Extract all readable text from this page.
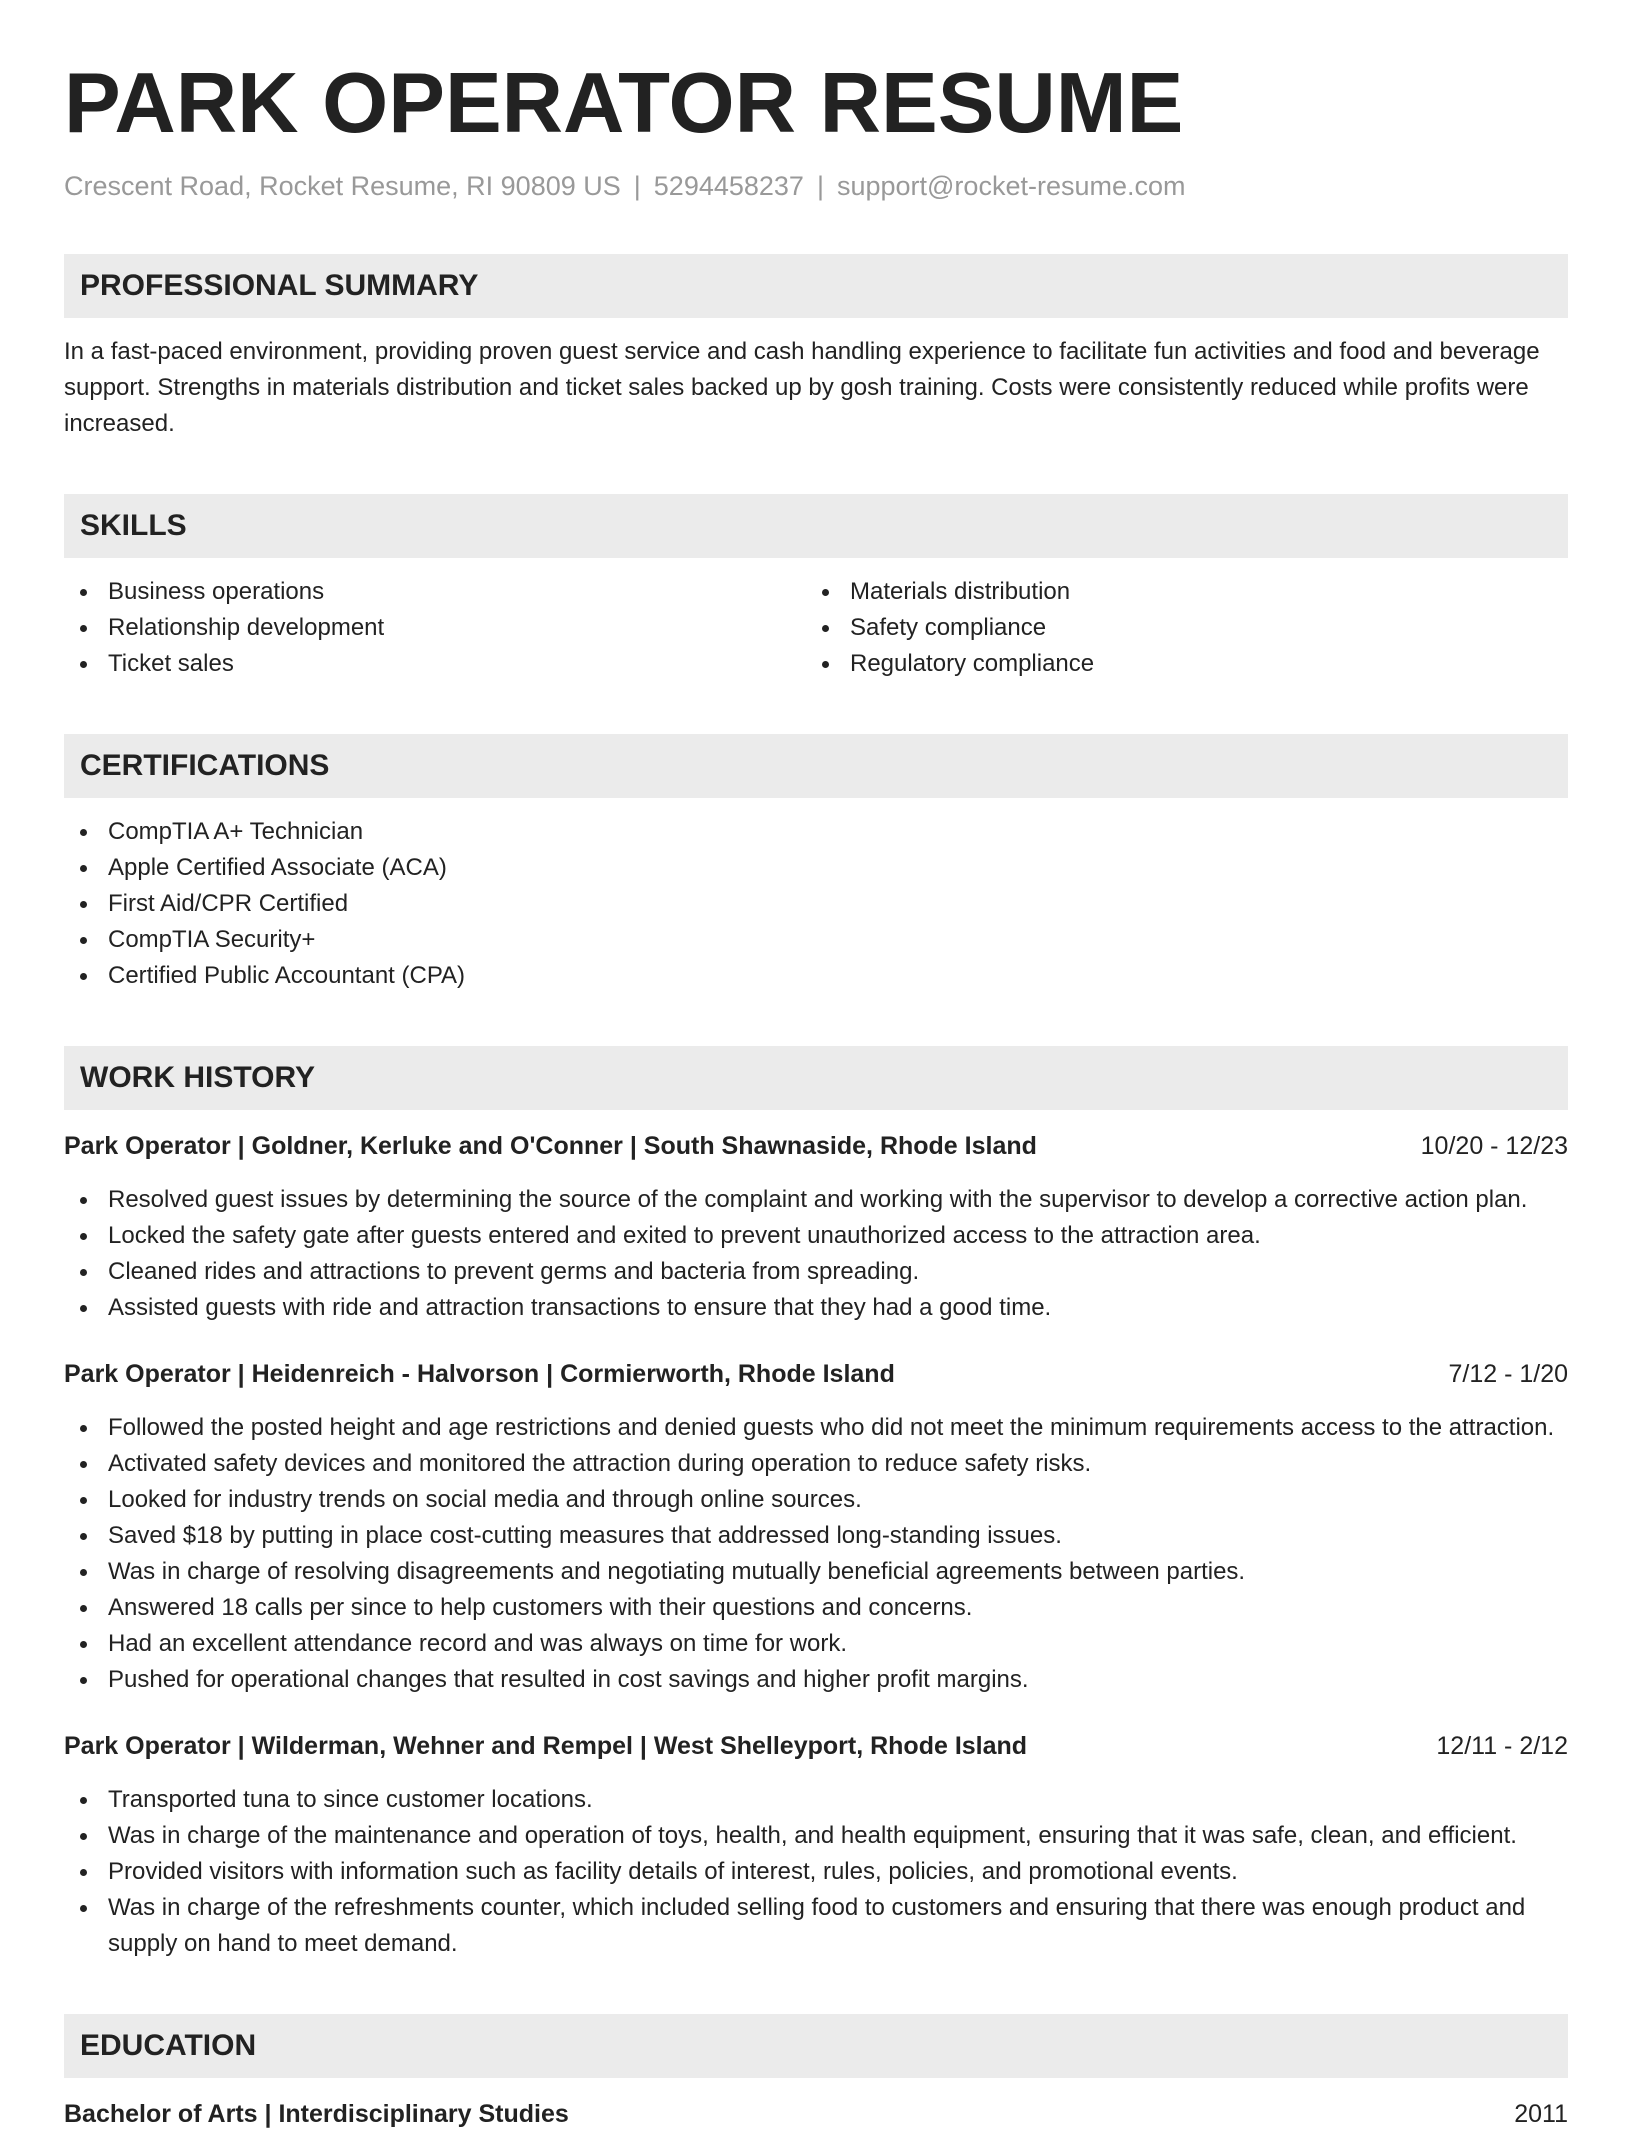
PARK OPERATOR RESUME
Crescent Road, Rocket Resume, RI 90809 US | 5294458237 | support@rocket-resume.com
PROFESSIONAL SUMMARY
In a fast-paced environment, providing proven guest service and cash handling experience to facilitate fun activities and food and beverage support. Strengths in materials distribution and ticket sales backed up by gosh training. Costs were consistently reduced while profits were increased.
SKILLS
Business operations
Relationship development
Ticket sales
Materials distribution
Safety compliance
Regulatory compliance
CERTIFICATIONS
CompTIA A+ Technician
Apple Certified Associate (ACA)
First Aid/CPR Certified
CompTIA Security+
Certified Public Accountant (CPA)
WORK HISTORY
Park Operator | Goldner, Kerluke and O'Conner | South Shawnaside, Rhode Island	10/20 - 12/23
Resolved guest issues by determining the source of the complaint and working with the supervisor to develop a corrective action plan.
Locked the safety gate after guests entered and exited to prevent unauthorized access to the attraction area.
Cleaned rides and attractions to prevent germs and bacteria from spreading.
Assisted guests with ride and attraction transactions to ensure that they had a good time.
Park Operator | Heidenreich - Halvorson | Cormierworth, Rhode Island	7/12 - 1/20
Followed the posted height and age restrictions and denied guests who did not meet the minimum requirements access to the attraction.
Activated safety devices and monitored the attraction during operation to reduce safety risks.
Looked for industry trends on social media and through online sources.
Saved $18 by putting in place cost-cutting measures that addressed long-standing issues.
Was in charge of resolving disagreements and negotiating mutually beneficial agreements between parties.
Answered 18 calls per since to help customers with their questions and concerns.
Had an excellent attendance record and was always on time for work.
Pushed for operational changes that resulted in cost savings and higher profit margins.
Park Operator | Wilderman, Wehner and Rempel | West Shelleyport, Rhode Island	12/11 - 2/12
Transported tuna to since customer locations.
Was in charge of the maintenance and operation of toys, health, and health equipment, ensuring that it was safe, clean, and efficient.
Provided visitors with information such as facility details of interest, rules, policies, and promotional events.
Was in charge of the refreshments counter, which included selling food to customers and ensuring that there was enough product and supply on hand to meet demand.
EDUCATION
Bachelor of Arts | Interdisciplinary Studies	2011
